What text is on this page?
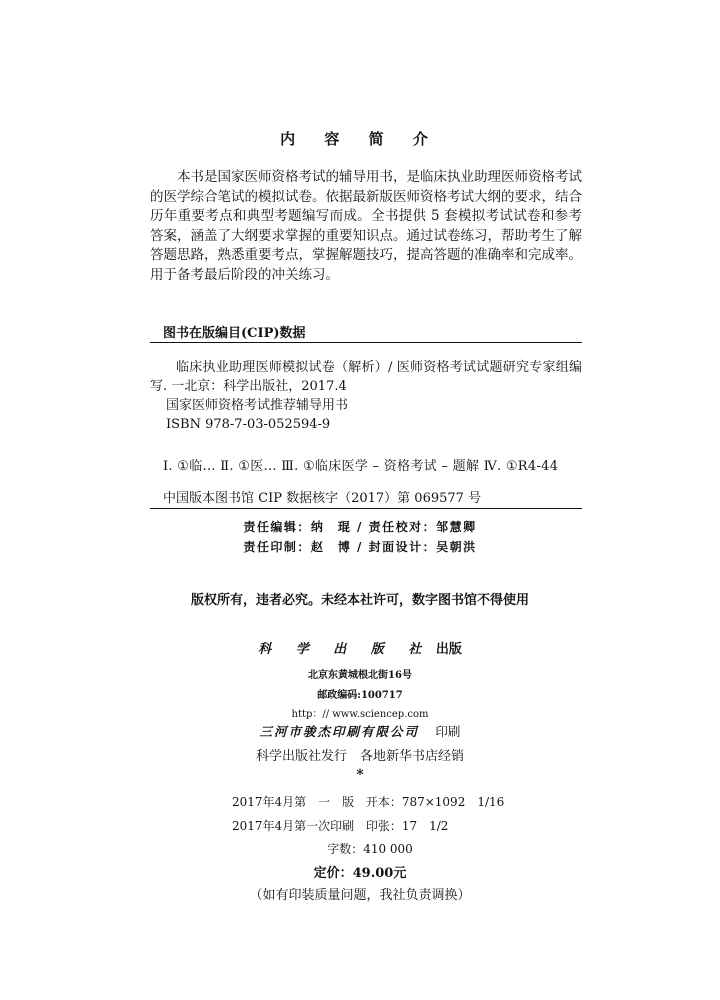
内 容 简 介

本书是国家医师资格考试的辅导用书，是临床执业助理医师资格考试的医学综合笔试的模拟试卷。依据最新版医师资格考试大纲的要求，结合历年重要考点和典型考题编写而成。全书提供 5 套模拟考试试卷和参考答案，涵盖了大纲要求掌握的重要知识点。通过试卷练习，帮助考生了解答题思路，熟悉重要考点，掌握解题技巧，提高答题的准确率和完成率。用于备考最后阶段的冲关练习。

图书在版编目(CIP)数据
临床执业助理医师模拟试卷（解析）/ 医师资格考试试题研究专家组编写. 一北京：科学出版社，2017.4
国家医师资格考试推荐辅导用书
ISBN 978-7-03-052594-9
Ⅰ. ①临… Ⅱ. ①医… Ⅲ. ①临床医学 – 资格考试 – 题解 Ⅳ. ①R4-44
中国版本图书馆 CIP 数据核字（2017）第 069577 号
责任编辑：纳　琨 / 责任校对：邹慧卿
责任印制：赵　博 / 封面设计：吴朝洪
版权所有，违者必究。未经本社许可，数字图书馆不得使用
科 学 出 版 社 出版
北京东黄城根北街16号
邮政编码:100717
http：// www.sciencep.com
三河市骏杰印刷有限公司 印刷
科学出版社发行　各地新华书店经销
*
2017年4月第　一　版 开本：787×1092　1/16
2017年4月第一次印刷 印张：17　1/2
字数：410 000
定价：49.00元
（如有印装质量问题，我社负责调换）
